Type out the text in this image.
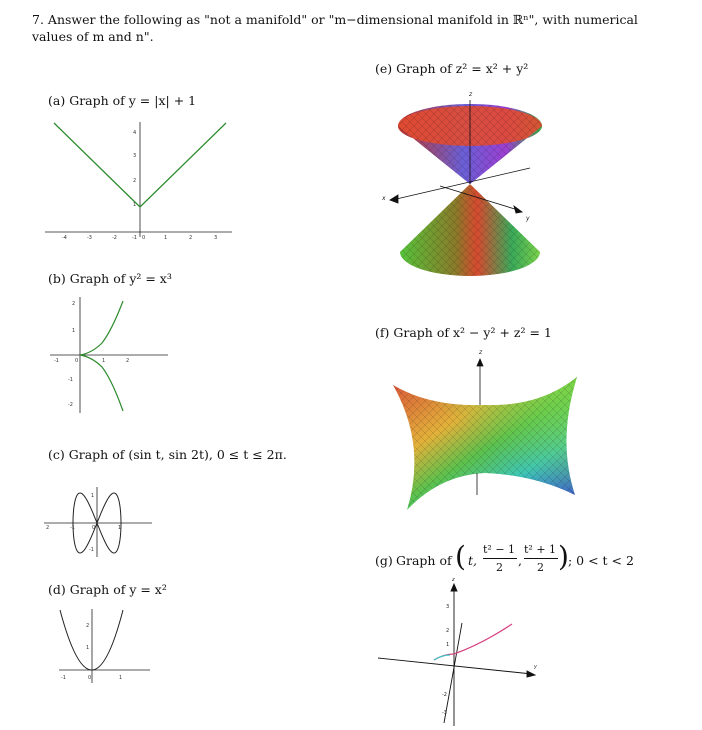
7. Answer the following as "not a manifold" or "m−dimensional manifold in ℝⁿ", with numerical values of m and n".
(a) Graph of y = |x| + 1
-4	-3	-2	-1 0	1	2	3
4
3
2
1
(b) Graph of y² = x³
-1	0	1	2
2
1
-1
-2
(c) Graph of (sin t, sin 2t), 0 ≤ t ≤ 2π.
2	-1	0	1
1
-1
(d) Graph of y = x²
-1	0	1
2
1
(e) Graph of z² = x² + y²
z
x
y
(f) Graph of x² − y² + z² = 1
z
(g) Graph of ( t,
t² − 1
2 ,
t² + 1
2 ) ; 0 < t < 2
z
y
3
2
1
-2
-3
